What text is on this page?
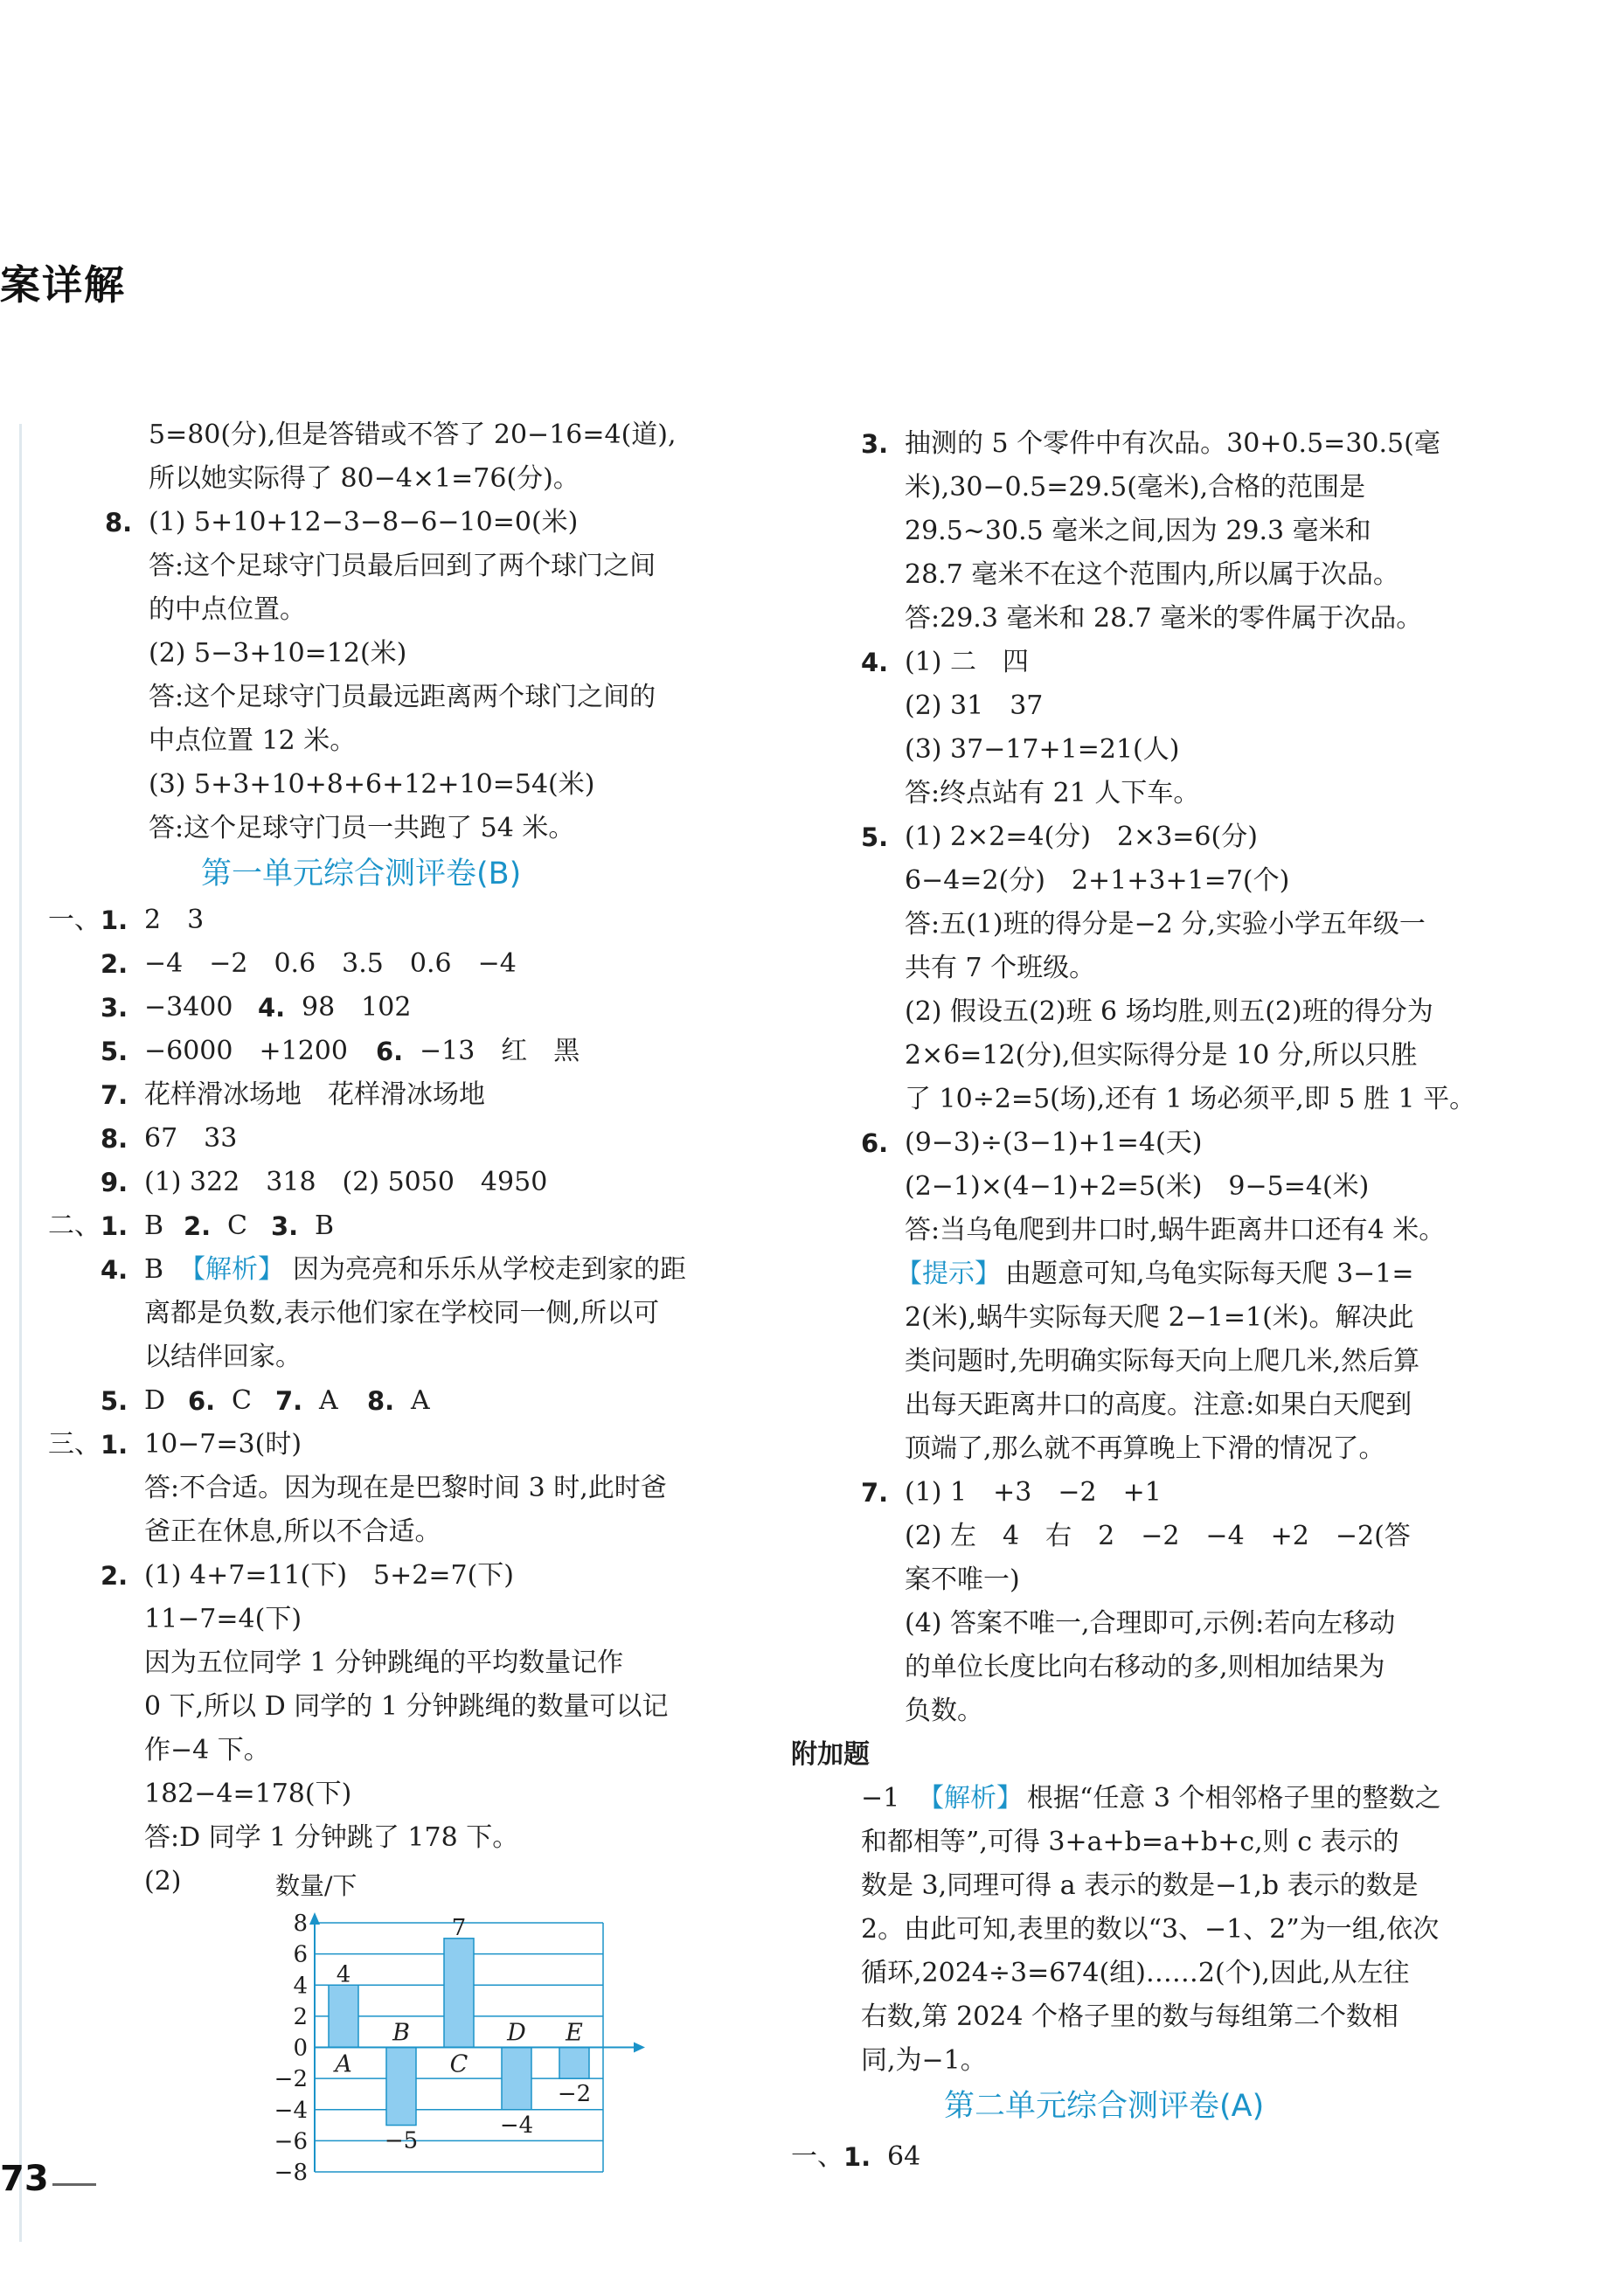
案详解
5=80(分),但是答错或不答了 20−16=4(道),
所以她实际得了 80−4×1=76(分)。
8. (1) 5+10+12−3−8−6−10=0(米)
答:这个足球守门员最后回到了两个球门之间
的中点位置。
(2) 5−3+10=12(米)
答:这个足球守门员最远距离两个球门之间的
中点位置 12 米。
(3) 5+3+10+8+6+12+10=54(米)
答:这个足球守门员一共跑了 54 米。
第一单元综合测评卷(B)
一、 1. 2　3
2. −4　−2　0.6　3.5　0.6　−4
3. −3400 4. 98　102
5. −6000　+1200 6. −13　红　黑
7. 花样滑冰场地　花样滑冰场地
8. 67　33
9. (1) 322　318　(2) 5050　4950
二、 1. B 2. C 3. B
4. B 【解析】 因为亮亮和乐乐从学校走到家的距
离都是负数,表示他们家在学校同一侧,所以可
以结伴回家。
5. D 6. C 7. A 8. A
三、 1. 10−7=3(时)
答:不合适。因为现在是巴黎时间 3 时,此时爸
爸正在休息,所以不合适。
2. (1) 4+7=11(下)　5+2=7(下)
11−7=4(下)
因为五位同学 1 分钟跳绳的平均数量记作
0 下,所以 D 同学的 1 分钟跳绳的数量可以记
作−4 下。
182−4=178(下)
答:D 同学 1 分钟跳了 178 下。
(2)	数量/下
8
6
4
2
0
−2
−4
−6
−8
4
A
−5
B
7
C
−4
D
−2
E
3. 抽测的 5 个零件中有次品。30+0.5=30.5(毫
米),30−0.5=29.5(毫米),合格的范围是
29.5~30.5 毫米之间,因为 29.3 毫米和
28.7 毫米不在这个范围内,所以属于次品。
答:29.3 毫米和 28.7 毫米的零件属于次品。
4. (1) 二　四
(2) 31　37
(3) 37−17+1=21(人)
答:终点站有 21 人下车。
5. (1) 2×2=4(分)　2×3=6(分)
6−4=2(分)　2+1+3+1=7(个)
答:五(1)班的得分是−2 分,实验小学五年级一
共有 7 个班级。
(2) 假设五(2)班 6 场均胜,则五(2)班的得分为
2×6=12(分),但实际得分是 10 分,所以只胜
了 10÷2=5(场),还有 1 场必须平,即 5 胜 1 平。
6. (9−3)÷(3−1)+1=4(天)
(2−1)×(4−1)+2=5(米)　9−5=4(米)
答:当乌龟爬到井口时,蜗牛距离井口还有4 米。
【提示】 由题意可知,乌龟实际每天爬 3−1=
2(米),蜗牛实际每天爬 2−1=1(米)。解决此
类问题时,先明确实际每天向上爬几米,然后算
出每天距离井口的高度。注意:如果白天爬到
顶端了,那么就不再算晚上下滑的情况了。
7. (1) 1　+3　−2　+1
(2) 左　4　右　2　−2　−4　+2　−2(答
案不唯一)
(4) 答案不唯一,合理即可,示例:若向左移动
的单位长度比向右移动的多,则相加结果为
负数。
附加题
−1 【解析】 根据“任意 3 个相邻格子里的整数之
和都相等”,可得 3+a+b=a+b+c,则 c 表示的
数是 3,同理可得 a 表示的数是−1,b 表示的数是
2。由此可知,表里的数以“3、−1、2”为一组,依次
循环,2024÷3=674(组)……2(个),因此,从左往
右数,第 2024 个格子里的数与每组第二个数相
同,为−1。
第二单元综合测评卷(A)
一、 1. 64
73
